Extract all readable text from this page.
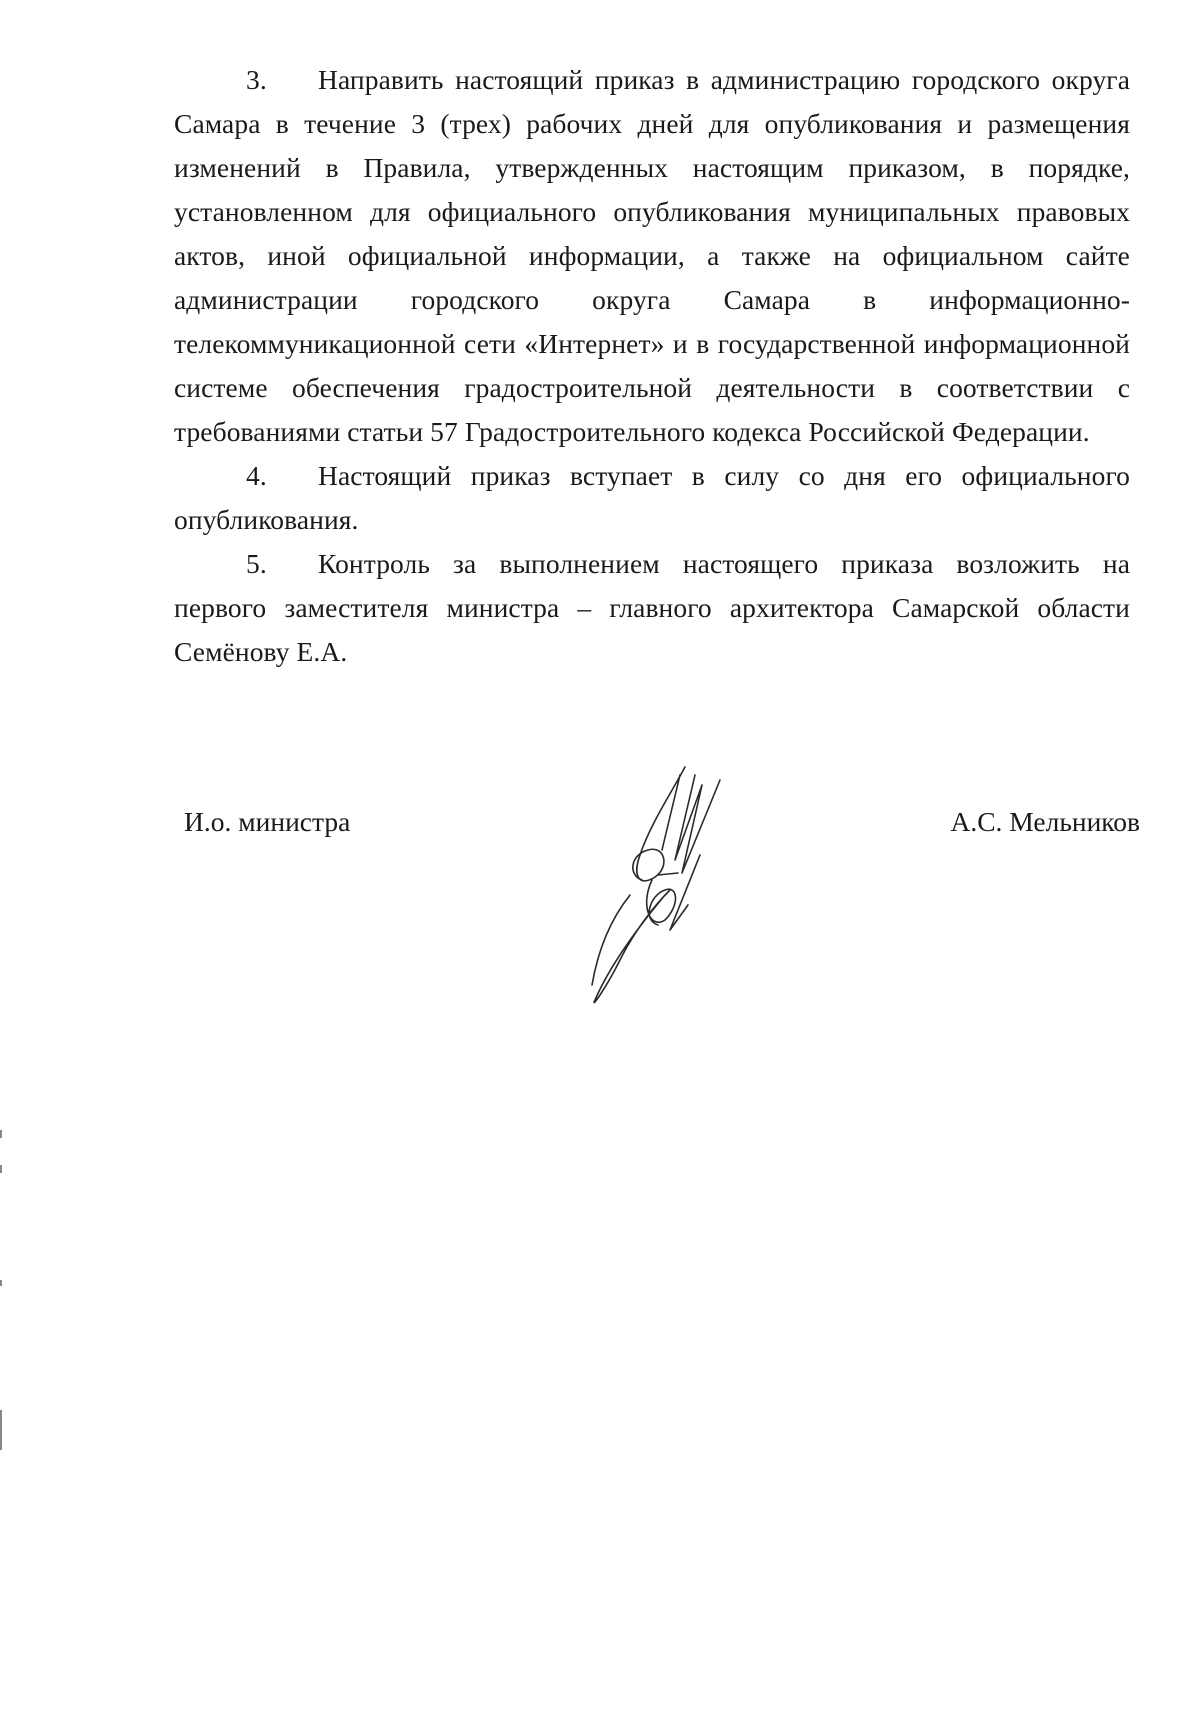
3. Направить настоящий приказ в администрацию городского округа Самара в течение 3 (трех) рабочих дней для опубликования и размещения изменений в Правила, утвержденных настоящим приказом, в порядке, установленном для официального опубликования муниципальных правовых актов, иной официальной информации, а также на официальном сайте администрации городского округа Самара в информационно-телекоммуникационной сети «Интернет» и в государственной информационной системе обеспечения градостроительной деятельности в соответствии с требованиями статьи 57 Градостроительного кодекса Российской Федерации.

4. Настоящий приказ вступает в силу со дня его официального опубликования.

5. Контроль за выполнением настоящего приказа возложить на первого заместителя министра – главного архитектора Самарской области Семёнову Е.А.

И.о. министра	А.С. Мельников
